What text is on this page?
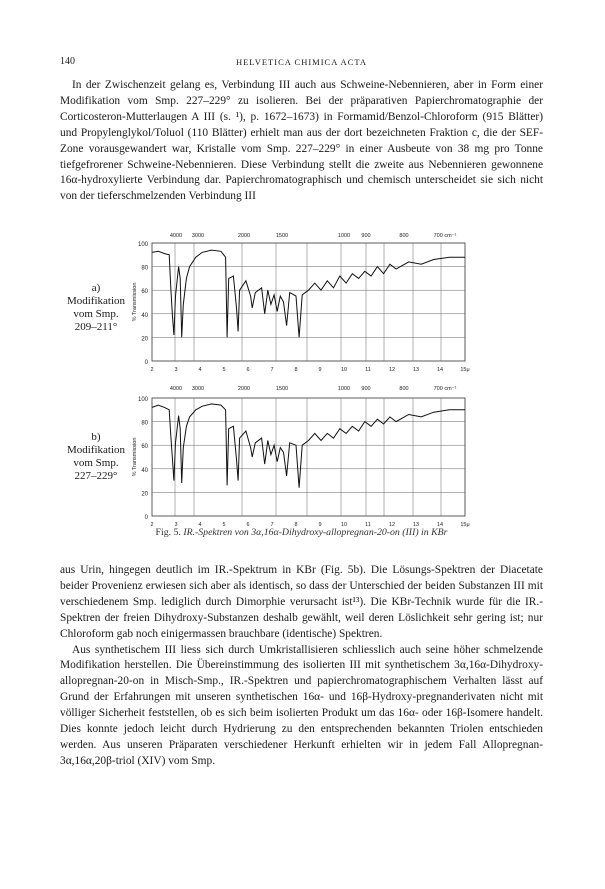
140	HELVETICA CHIMICA ACTA

In der Zwischenzeit gelang es, Verbindung III auch aus Schweine-Nebennieren, aber in Form einer Modifikation vom Smp. 227–229° zu isolieren. Bei der präparativen Papierchromatographie der Corticosteron-Mutterlaugen A III (s. ¹), p. 1672–1673) in Formamid/Benzol-Chloroform (915 Blätter) und Propylenglykol/Toluol (110 Blätter) erhielt man aus der dort bezeichneten Fraktion c, die der SEF-Zone vorausgewandert war, Kristalle vom Smp. 227–229° in einer Ausbeute von 38 mg pro Tonne tiefgefrorener Schweine-Nebennieren. Diese Verbindung stellt die zweite aus Nebennieren gewonnene 16α-hydroxylierte Verbindung dar. Papierchromatographisch und chemisch unterscheidet sie sich nicht von der tieferschmelzenden Verbindung III

a)
Modifikation
vom Smp.
209–211°
b)
Modifikation
vom Smp.
227–229°
0
20
40
60
80
100
% Transmission
4000 3000	2000	1500	1000 900	800	700 cm⁻¹
2	3	4	5	6	7	8	9	10	11	12	13	14	15μ
0
20
40
60
80
100
% Transmission
4000 3000	2000	1500	1000 900	800	700 cm⁻¹
2	3	4	5	6	7	8	9	10	11	12	13	14	15μ
Fig. 5. IR.-Spektren von 3α,16α-Dihydroxy-allopregnan-20-on (III) in KBr

aus Urin, hingegen deutlich im IR.-Spektrum in KBr (Fig. 5b). Die Lösungs-Spektren der Diacetate beider Provenienz erwiesen sich aber als identisch, so dass der Unterschied der beiden Substanzen III mit verschiedenem Smp. lediglich durch Dimorphie verursacht ist¹³). Die KBr-Technik wurde für die IR.-Spektren der freien Dihydroxy-Substanzen deshalb gewählt, weil deren Löslichkeit sehr gering ist; nur Chloroform gab noch einigermassen brauchbare (identische) Spektren.

Aus synthetischem III liess sich durch Umkristallisieren schliesslich auch seine höher schmelzende Modifikation herstellen. Die Übereinstimmung des isolierten III mit synthetischem 3α,16α-Dihydroxy-allopregnan-20-on in Misch-Smp., IR.-Spektren und papierchromatographischem Verhalten lässt auf Grund der Erfahrungen mit unseren synthetischen 16α- und 16β-Hydroxy-pregnanderivaten nicht mit völliger Sicherheit feststellen, ob es sich beim isolierten Produkt um das 16α- oder 16β-Isomere handelt. Dies konnte jedoch leicht durch Hydrierung zu den entsprechenden bekannten Triolen entschieden werden. Aus unseren Präparaten verschiedener Herkunft erhielten wir in jedem Fall Allopregnan-3α,16α,20β-triol (XIV) vom Smp.
